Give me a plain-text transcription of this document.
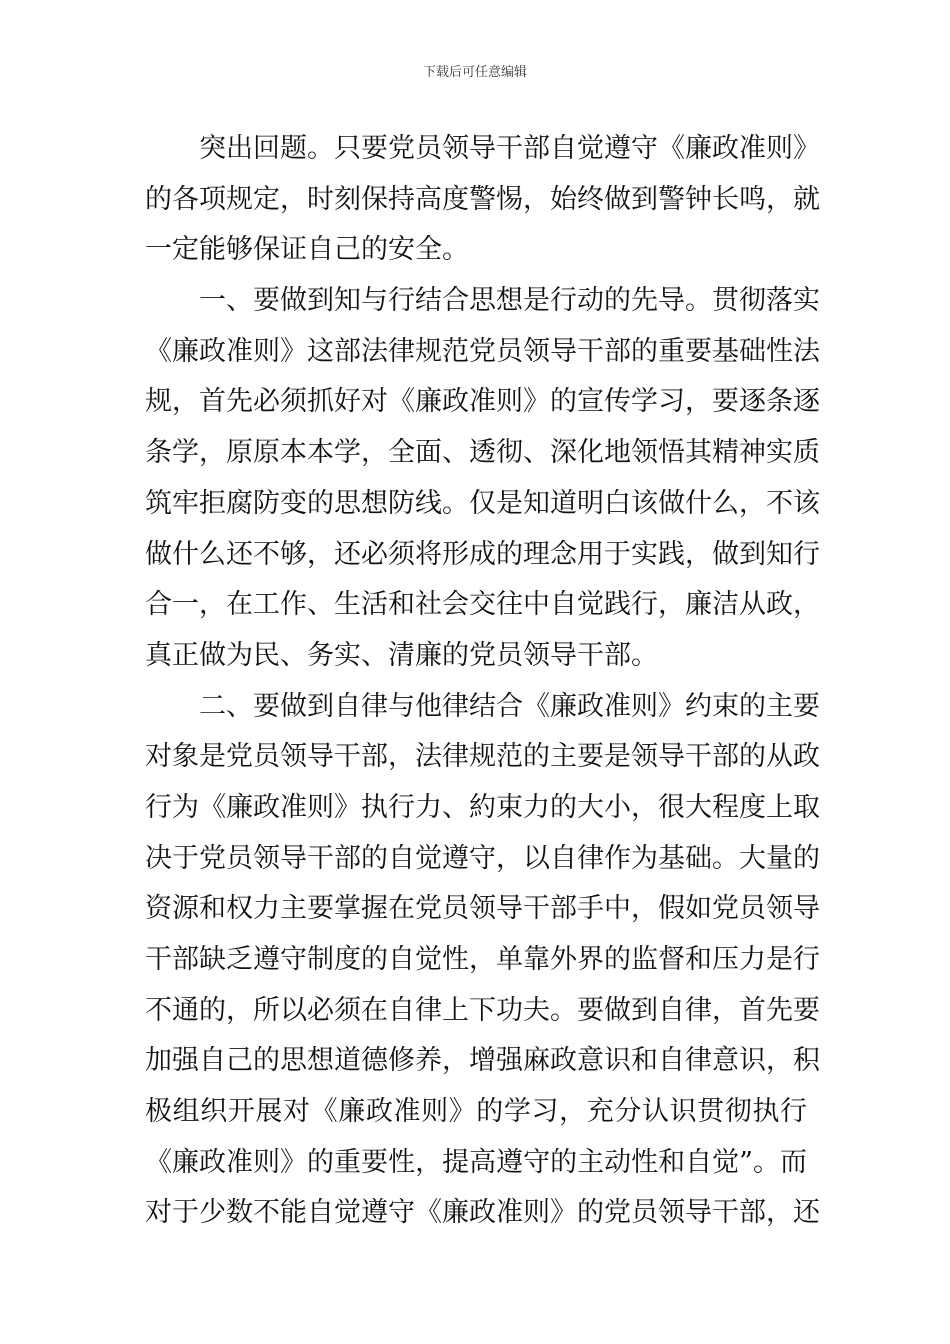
下载后可任意编辑
突出回题。只要党员领导干部自觉遵守《廉政准则》
的各项规定，时刻保持高度警惕，始终做到警钟长鸣，就
一定能够保证自己的安全。
一、要做到知与行结合思想是行动的先导。贯彻落实
《廉政准则》这部法律规范党员领导干部的重要基础性法
规，首先必须抓好对《廉政准则》的宣传学习，要逐条逐
条学，原原本本学，全面、透彻、深化地领悟其精神实质
筑牢拒腐防变的思想防线。仅是知道明白该做什么，不该
做什么还不够，还必须将形成的理念用于实践，做到知行
合一，在工作、生活和社会交往中自觉践行，廉洁从政，
真正做为民、务实、清廉的党员领导干部。
二、要做到自律与他律结合《廉政准则》约束的主要
对象是党员领导干部，法律规范的主要是领导干部的从政
行为《廉政准则》执行力、約束力的大小，很大程度上取
决于党员领导干部的自觉遵守，以自律作为基础。大量的
资源和权力主要掌握在党员领导干部手中，假如党员领导
干部缺乏遵守制度的自觉性，单靠外界的监督和压力是行
不通的，所以必须在自律上下功夫。要做到自律，首先要
加强自己的思想道德修养，增强麻政意识和自律意识，积
极组织开展对《廉政准则》的学习，充分认识贯彻执行
《廉政准则》的重要性，提高遵守的主动性和自觉”。而
对于少数不能自觉遵守《廉政准则》的党员领导干部，还
